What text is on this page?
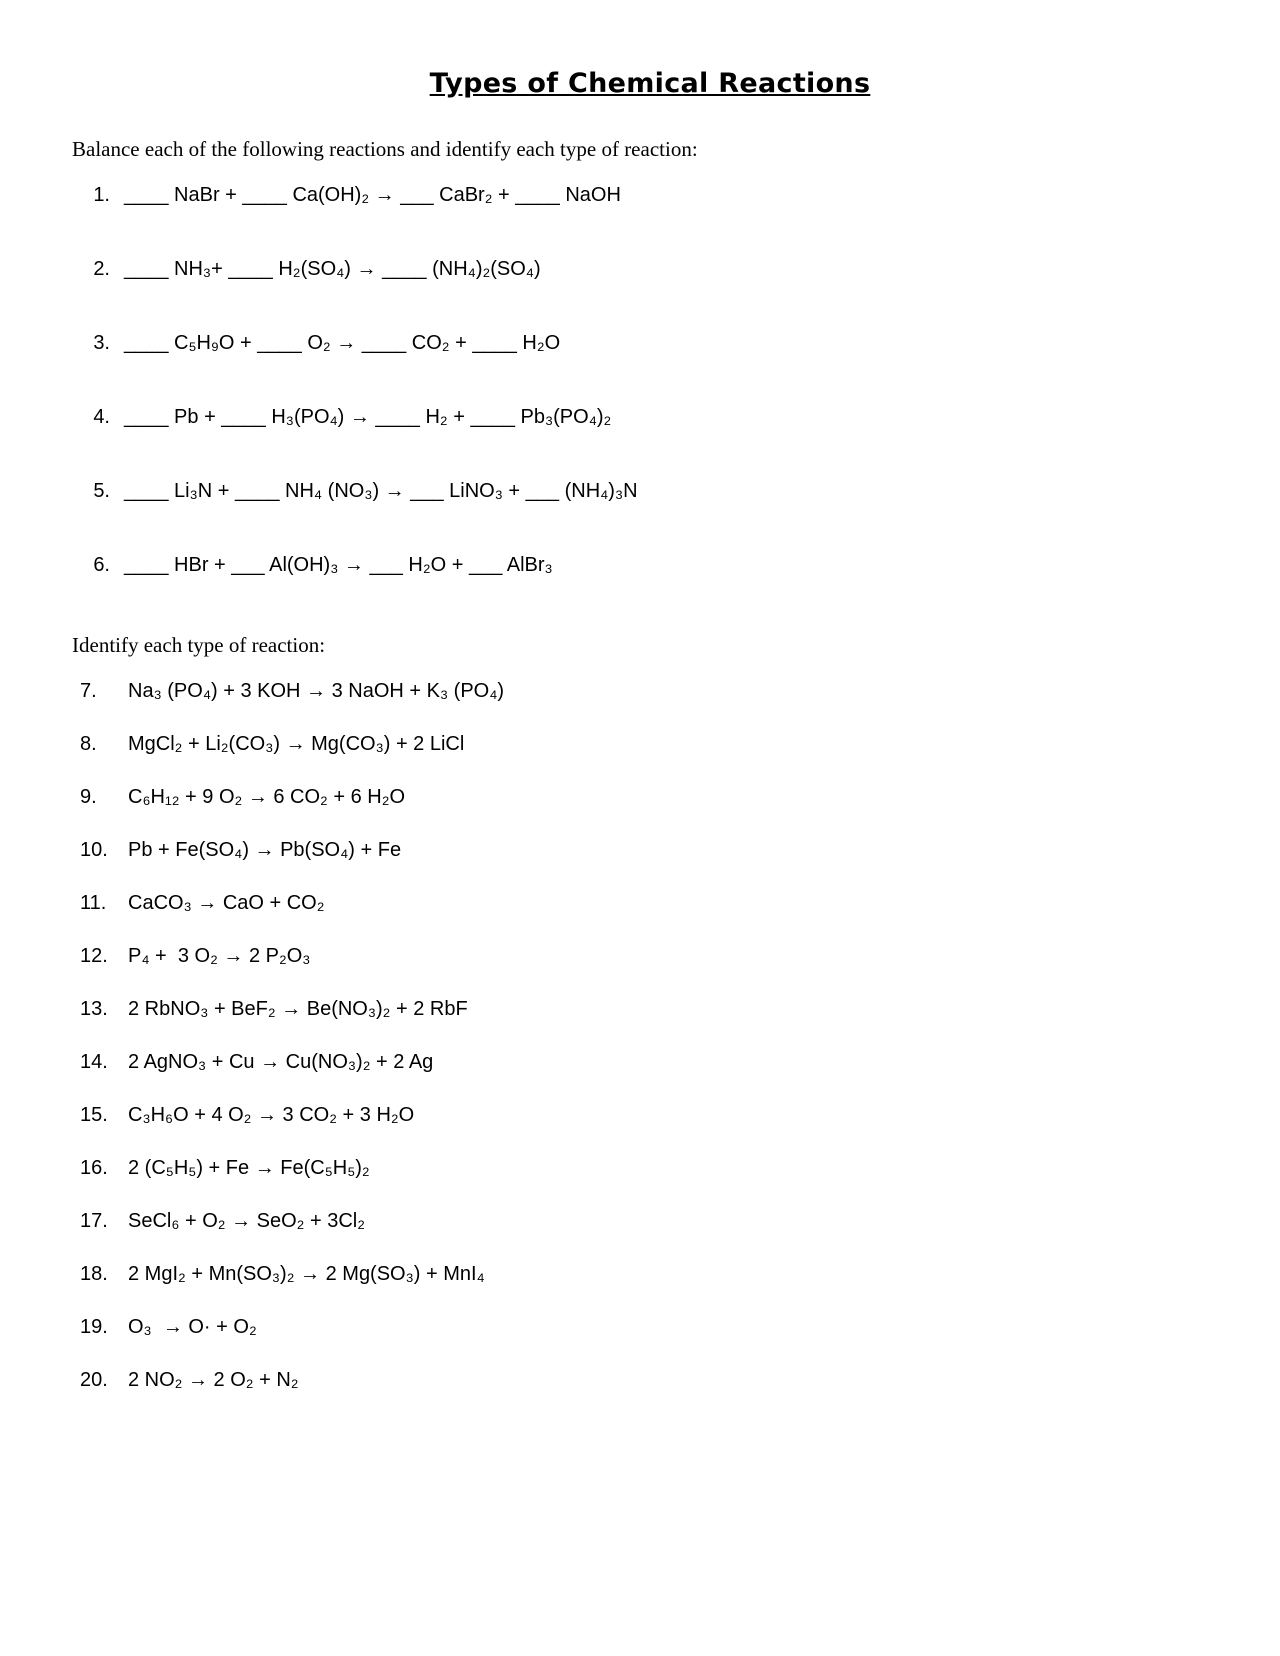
Types of Chemical Reactions

Balance each of the following reactions and identify each type of reaction:

1. ____ NaBr + ____ Ca(OH)₂ → ___ CaBr₂ + ____ NaOH
2. ____ NH₃+ ____ H₂(SO₄) → ____ (NH₄)₂(SO₄)
3. ____ C₅H₉O + ____ O₂ → ____ CO₂ + ____ H₂O
4. ____ Pb + ____ H₃(PO₄) → ____ H₂ + ____ Pb₃(PO₄)₂
5. ____ Li₃N + ____ NH₄ (NO₃) → ___ LiNO₃ + ___ (NH₄)₃N
6. ____ HBr + ___ Al(OH)₃ → ___ H₂O + ___ AlBr₃

Identify each type of reaction:

7.	Na₃ (PO₄) + 3 KOH → 3 NaOH + K₃ (PO₄)
8.	MgCl₂ + Li₂(CO₃) → Mg(CO₃) + 2 LiCl
9.	C₆H₁₂ + 9 O₂ → 6 CO₂ + 6 H₂O
10.	Pb + Fe(SO₄) → Pb(SO₄) + Fe
11.	CaCO₃ → CaO + CO₂
12.	P₄ +  3 O₂ → 2 P₂O₃
13.	2 RbNO₃ + BeF₂ → Be(NO₃)₂ + 2 RbF
14.	2 AgNO₃ + Cu → Cu(NO₃)₂ + 2 Ag
15.	C₃H₆O + 4 O₂ → 3 CO₂ + 3 H₂O
16.	2 (C₅H₅) + Fe → Fe(C₅H₅)₂
17.	SeCl₆ + O₂ → SeO₂ + 3Cl₂
18.	2 MgI₂ + Mn(SO₃)₂ → 2 Mg(SO₃) + MnI₄
19.	O₃  → O· + O₂
20.	2 NO₂ → 2 O₂ + N₂
